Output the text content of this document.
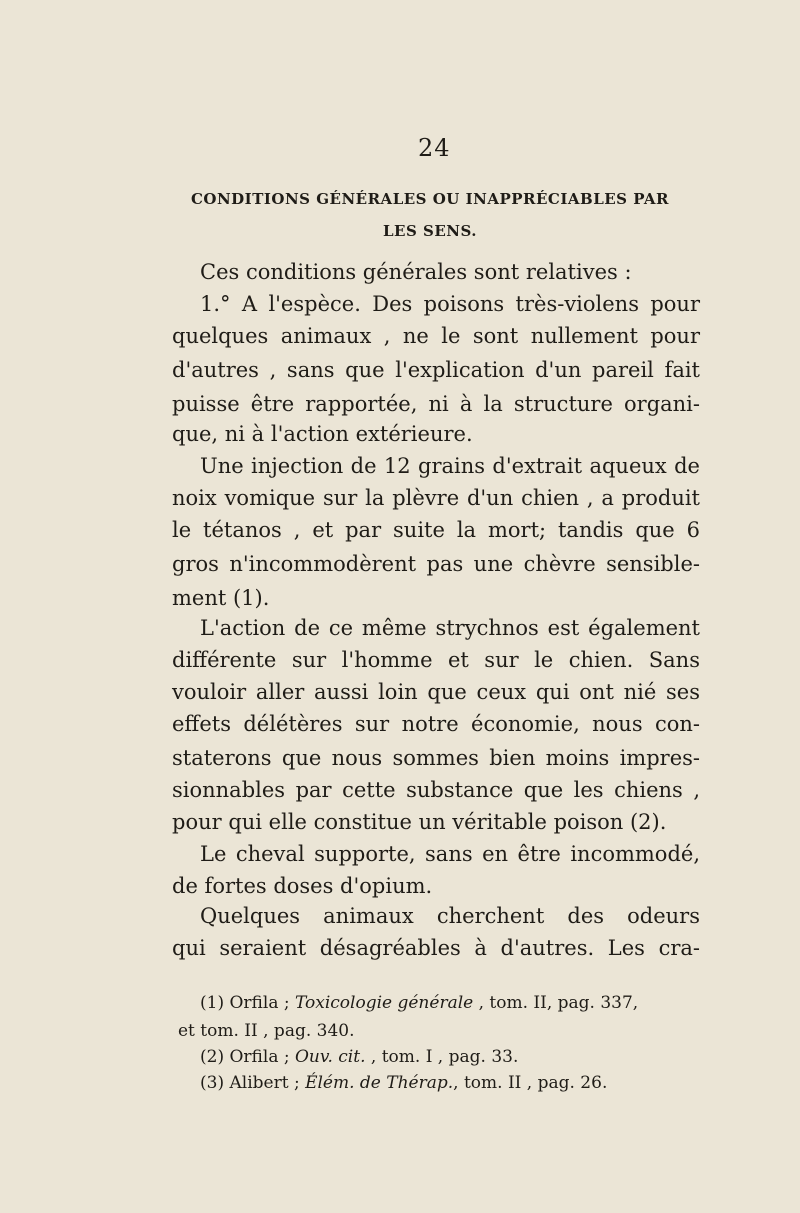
24
CONDITIONS GÉNÉRALES OU INAPPRÉCIABLES PAR
LES SENS.
Ces conditions générales sont relatives :
1.° A l'espèce. Des poisons très-violens pour
quelques animaux , ne le sont nullement pour
d'autres , sans que l'explication d'un pareil fait
puisse être rapportée, ni à la structure organi-
que, ni à l'action extérieure.
Une injection de 12 grains d'extrait aqueux de
noix vomique sur la plèvre d'un chien , a produit
le tétanos , et par suite la mort; tandis que 6
gros n'incommodèrent pas une chèvre sensible-
ment (1).
L'action de ce même strychnos est également
différente sur l'homme et sur le chien. Sans
vouloir aller aussi loin que ceux qui ont nié ses
effets délétères sur notre économie, nous con-
staterons que nous sommes bien moins impres-
sionnables par cette substance que les chiens ,
pour qui elle constitue un véritable poison (2).
Le cheval supporte, sans en être incommodé,
de fortes doses d'opium.
Quelques animaux cherchent des odeurs
qui seraient désagréables à d'autres. Les cra-
(1) Orfila ; Toxicologie générale , tom. II, pag. 337,
et tom. II , pag. 340.
(2) Orfila ; Ouv. cit. , tom. I , pag. 33.
(3) Alibert ; Élém. de Thérap., tom. II , pag. 26.
